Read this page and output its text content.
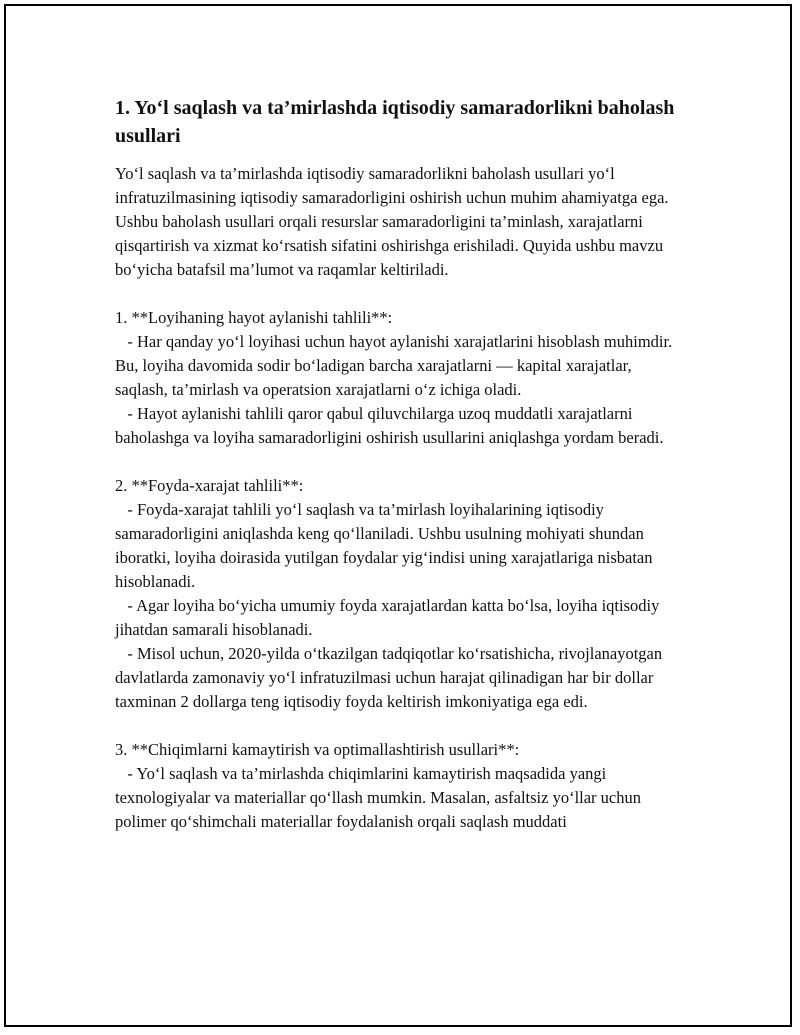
1. Yo‘l saqlash va ta’mirlashda iqtisodiy samaradorlikni baholash usullari

Yo‘l saqlash va ta’mirlashda iqtisodiy samaradorlikni baholash usullari yo‘l infratuzilmasining iqtisodiy samaradorligini oshirish uchun muhim ahamiyatga ega. Ushbu baholash usullari orqali resurslar samaradorligini ta’minlash, xarajatlarni qisqartirish va xizmat ko‘rsatish sifatini oshirishga erishiladi. Quyida ushbu mavzu bo‘yicha batafsil ma’lumot va raqamlar keltiriladi.

1. **Loyihaning hayot aylanishi tahlili**:
- Har qanday yo‘l loyihasi uchun hayot aylanishi xarajatlarini hisoblash muhimdir. Bu, loyiha davomida sodir bo‘ladigan barcha xarajatlarni — kapital xarajatlar, saqlash, ta’mirlash va operatsion xarajatlarni o‘z ichiga oladi.
- Hayot aylanishi tahlili qaror qabul qiluvchilarga uzoq muddatli xarajatlarni baholashga va loyiha samaradorligini oshirish usullarini aniqlashga yordam beradi.

2. **Foyda-xarajat tahlili**:
- Foyda-xarajat tahlili yo‘l saqlash va ta’mirlash loyihalarining iqtisodiy samaradorligini aniqlashda keng qo‘llaniladi. Ushbu usulning mohiyati shundan iboratki, loyiha doirasida yutilgan foydalar yig‘indisi uning xarajatlariga nisbatan hisoblanadi.
- Agar loyiha bo‘yicha umumiy foyda xarajatlardan katta bo‘lsa, loyiha iqtisodiy jihatdan samarali hisoblanadi.
- Misol uchun, 2020-yilda o‘tkazilgan tadqiqotlar ko‘rsatishicha, rivojlanayotgan davlatlarda zamonaviy yo‘l infratuzilmasi uchun harajat qilinadigan har bir dollar taxminan 2 dollarga teng iqtisodiy foyda keltirish imkoniyatiga ega edi.

3. **Chiqimlarni kamaytirish va optimallashtirish usullari**:
- Yo‘l saqlash va ta’mirlashda chiqimlarini kamaytirish maqsadida yangi texnologiyalar va materiallar qo‘llash mumkin. Masalan, asfaltsiz yo‘llar uchun polimer qo‘shimchali materiallar foydalanish orqali saqlash muddati
